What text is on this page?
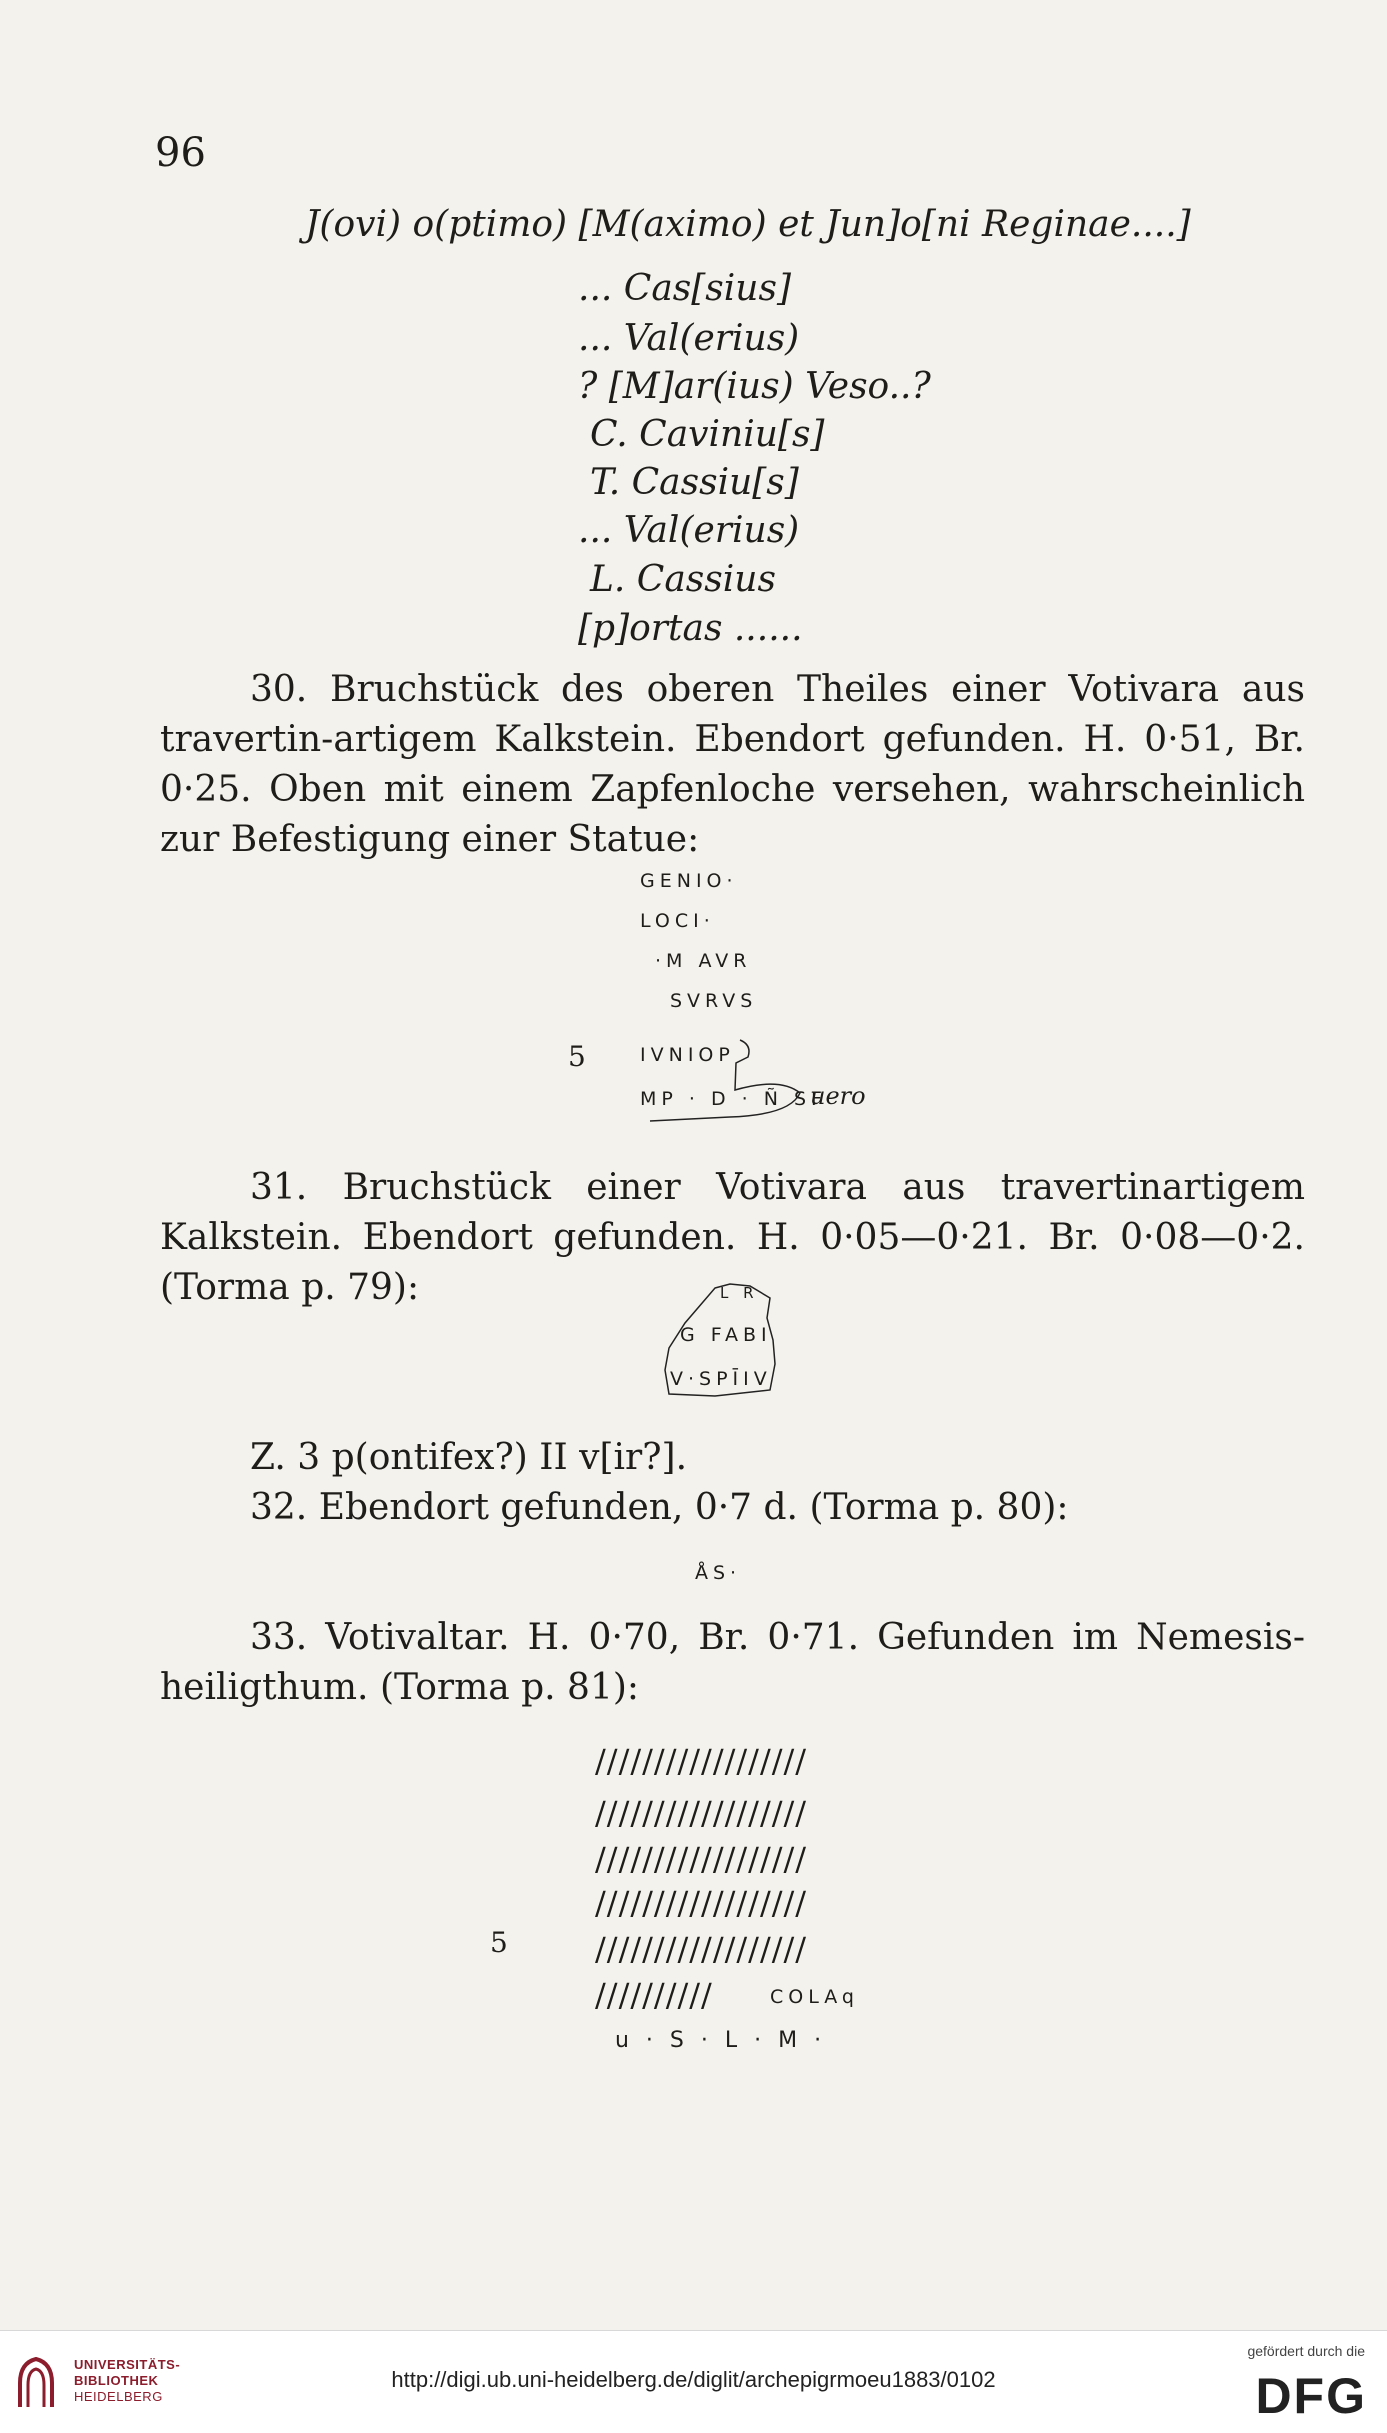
96
J(ovi) o(ptimo) [M(aximo) et Jun]o[ni Reginae....]
... Cas[sius]
... Val(erius)
? [M]ar(ius) Veso..?
C. Caviniu[s]
T. Cassiu[s]
... Val(erius)
L. Cassius
[p]ortas ......
30. Bruchstück des oberen Theiles einer Votivara aus travertin-artigem Kalkstein. Ebendort gefunden. H. 0·51, Br. 0·25. Oben mit einem Zapfenloche versehen, wahrscheinlich zur Befestigung einer Statue:
GENIO·
LOCI·
·M AVR
SVRVS
5	IVNIOP
MP · D · Ñ SF
uero
31. Bruchstück einer Votivara aus travertinartigem Kalkstein. Ebendort gefunden. H. 0·05—0·21. Br. 0·08—0·2. (Torma p. 79):	L R
G FABI
V·SPĪIV
Z. 3 p(ontifex?) II v[ir?].
32. Ebendort gefunden, 0·7 d. (Torma p. 80):
ÅS·
33. Votivaltar. H. 0·70, Br. 0·71. Gefunden im Nemesis-heiligthum. (Torma p. 81):
//////////////////
//////////////////
//////////////////
//////////////////
5	//////////////////
//////////	COLAq
u · S · L · M ·
UNIVERSITÄTS-
BIBLIOTHEK
HEIDELBERG
http://digi.ub.uni-heidelberg.de/diglit/archepigrmoeu1883/0102
gefördert durch die
DFG
